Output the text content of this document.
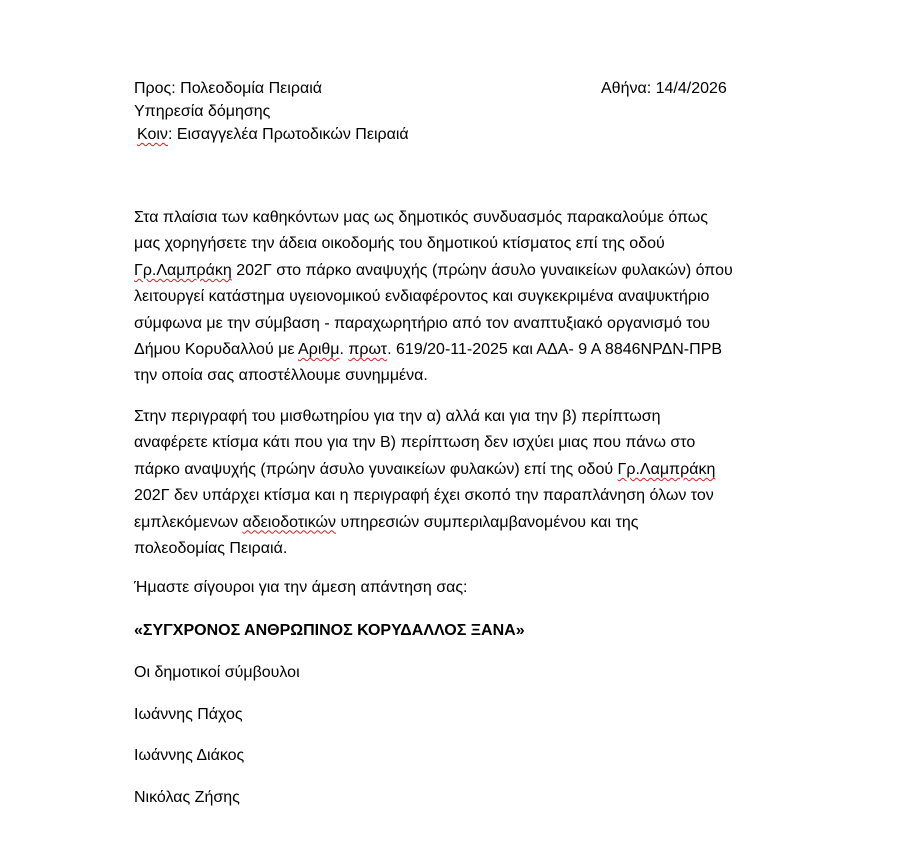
Προς: Πολεοδομία Πειραιά	Αθήνα: 14/4/2026
Υπηρεσία δόμησης
Κοιν: Εισαγγελέα Πρωτοδικών Πειραιά
Στα πλαίσια των καθηκόντων μας ως δημοτικός συνδυασμός παρακαλούμε όπως
μας χορηγήσετε την άδεια οικοδομής του δημοτικού κτίσματος επί της οδού
Γρ.Λαμπράκη 202Γ στο πάρκο αναψυχής (πρώην άσυλο γυναικείων φυλακών) όπου
λειτουργεί κατάστημα υγειονομικού ενδιαφέροντος και συγκεκριμένα αναψυκτήριο
σύμφωνα με την σύμβαση - παραχωρητήριο από τον αναπτυξιακό οργανισμό του
Δήμου Κορυδαλλού με Αριθμ. πρωτ. 619/20-11-2025 και ΑΔΑ- 9 Α 8846ΝΡΔΝ-ΠΡΒ
την οποία σας αποστέλλουμε συνημμένα.
Στην περιγραφή του μισθωτηρίου για την α) αλλά και για την β) περίπτωση
αναφέρετε κτίσμα κάτι που για την Β) περίπτωση δεν ισχύει μιας που πάνω στο
πάρκο αναψυχής (πρώην άσυλο γυναικείων φυλακών) επί της οδού Γρ.Λαμπράκη
202Γ δεν υπάρχει κτίσμα και η περιγραφή έχει σκοπό την παραπλάνηση όλων τον
εμπλεκόμενων αδειοδοτικών υπηρεσιών συμπεριλαμβανομένου και της
πολεοδομίας Πειραιά.
Ήμαστε σίγουροι για την άμεση απάντηση σας:
«ΣΥΓΧΡΟΝΟΣ ΑΝΘΡΩΠΙΝΟΣ ΚΟΡΥΔΑΛΛΟΣ ΞΑΝΑ»
Οι δημοτικοί σύμβουλοι
Ιωάννης Πάχος
Ιωάννης Διάκος
Νικόλας Ζήσης
